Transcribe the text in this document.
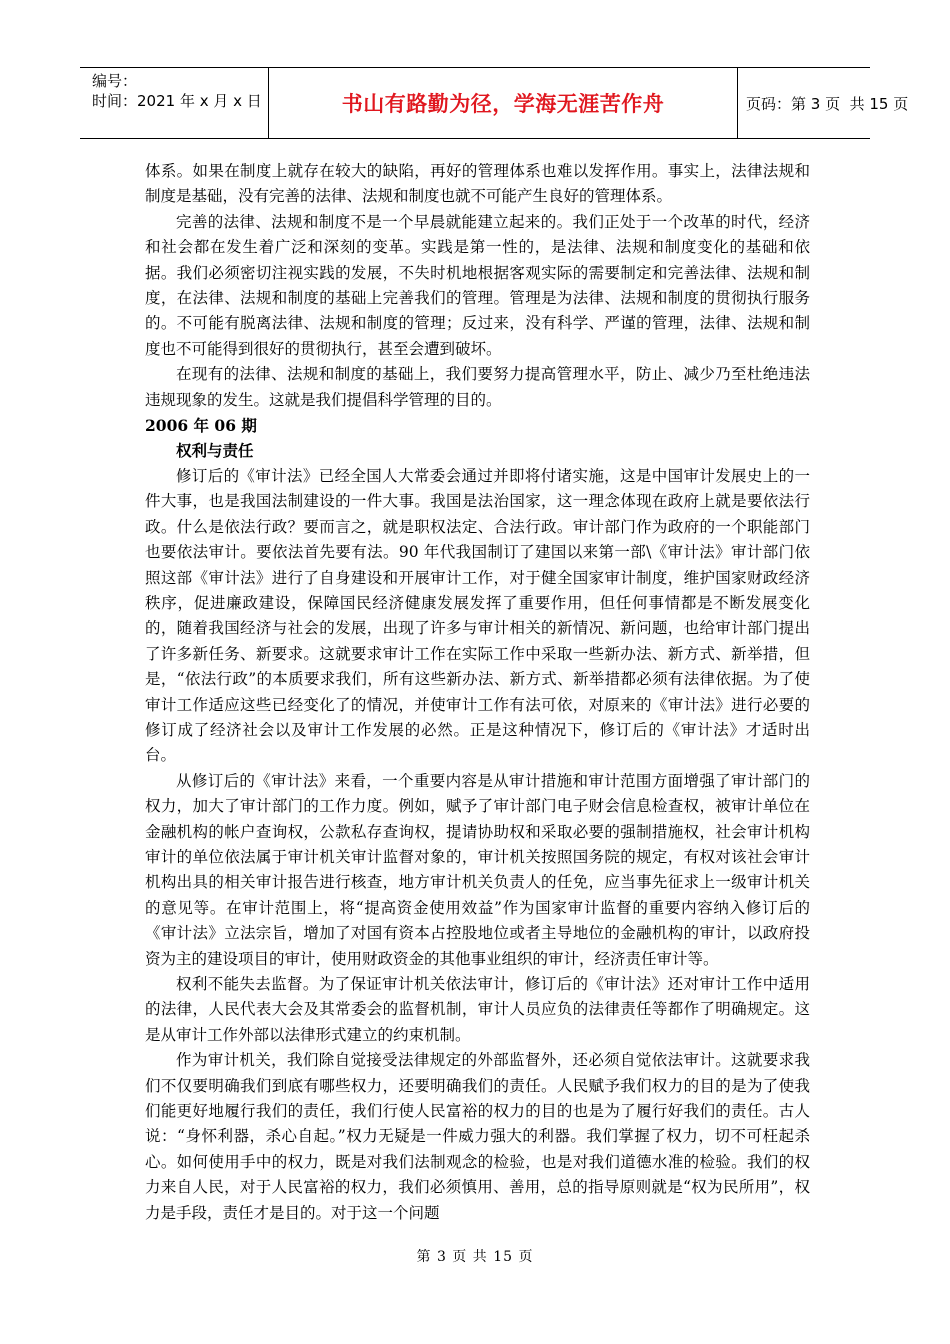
编号：
时间：2021 年 x 月 x 日	书山有路勤为径，学海无涯苦作舟	页码：第 3 页  共 15 页

体系。如果在制度上就存在较大的缺陷，再好的管理体系也难以发挥作用。事实上，法律法规和制度是基础，没有完善的法律、法规和制度也就不可能产生良好的管理体系。

完善的法律、法规和制度不是一个早晨就能建立起来的。我们正处于一个改革的时代，经济和社会都在发生着广泛和深刻的变革。实践是第一性的，是法律、法规和制度变化的基础和依据。我们必须密切注视实践的发展，不失时机地根据客观实际的需要制定和完善法律、法规和制度，在法律、法规和制度的基础上完善我们的管理。管理是为法律、法规和制度的贯彻执行服务的。不可能有脱离法律、法规和制度的管理；反过来，没有科学、严谨的管理，法律、法规和制度也不可能得到很好的贯彻执行，甚至会遭到破坏。

在现有的法律、法规和制度的基础上，我们要努力提高管理水平，防止、减少乃至杜绝违法违规现象的发生。这就是我们提倡科学管理的目的。

2006 年 06 期

权利与责任

修订后的《审计法》已经全国人大常委会通过并即将付诸实施，这是中国审计发展史上的一件大事，也是我国法制建设的一件大事。我国是法治国家，这一理念体现在政府上就是要依法行政。什么是依法行政？要而言之，就是职权法定、合法行政。审计部门作为政府的一个职能部门也要依法审计。要依法首先要有法。90 年代我国制订了建国以来第一部\《审计法》审计部门依照这部《审计法》进行了自身建设和开展审计工作，对于健全国家审计制度，维护国家财政经济秩序，促进廉政建设，保障国民经济健康发展发挥了重要作用，但任何事情都是不断发展变化的，随着我国经济与社会的发展，出现了许多与审计相关的新情况、新问题，也给审计部门提出了许多新任务、新要求。这就要求审计工作在实际工作中采取一些新办法、新方式、新举措，但是，“依法行政”的本质要求我们，所有这些新办法、新方式、新举措都必须有法律依据。为了使审计工作适应这些已经变化了的情况，并使审计工作有法可依，对原来的《审计法》进行必要的修订成了经济社会以及审计工作发展的必然。正是这种情况下，修订后的《审计法》才适时出台。

从修订后的《审计法》来看，一个重要内容是从审计措施和审计范围方面增强了审计部门的权力，加大了审计部门的工作力度。例如，赋予了审计部门电子财会信息检查权，被审计单位在金融机构的帐户查询权，公款私存查询权，提请协助权和采取必要的强制措施权，社会审计机构审计的单位依法属于审计机关审计监督对象的，审计机关按照国务院的规定，有权对该社会审计机构出具的相关审计报告进行核查，地方审计机关负责人的任免，应当事先征求上一级审计机关的意见等。在审计范围上，将“提高资金使用效益”作为国家审计监督的重要内容纳入修订后的《审计法》立法宗旨，增加了对国有资本占控股地位或者主导地位的金融机构的审计，以政府投资为主的建设项目的审计，使用财政资金的其他事业组织的审计，经济责任审计等。

权利不能失去监督。为了保证审计机关依法审计，修订后的《审计法》还对审计工作中适用的法律，人民代表大会及其常委会的监督机制，审计人员应负的法律责任等都作了明确规定。这是从审计工作外部以法律形式建立的约束机制。

作为审计机关，我们除自觉接受法律规定的外部监督外，还必须自觉依法审计。这就要求我们不仅要明确我们到底有哪些权力，还要明确我们的责任。人民赋予我们权力的目的是为了使我们能更好地履行我们的责任，我们行使人民富裕的权力的目的也是为了履行好我们的责任。古人说：“身怀利器，杀心自起。”权力无疑是一件威力强大的利器。我们掌握了权力，切不可枉起杀心。如何使用手中的权力，既是对我们法制观念的检验，也是对我们道德水准的检验。我们的权力来自人民，对于人民富裕的权力，我们必须慎用、善用，总的指导原则就是“权为民所用”，权力是手段，责任才是目的。对于这一个问题

第 3 页 共 15 页
